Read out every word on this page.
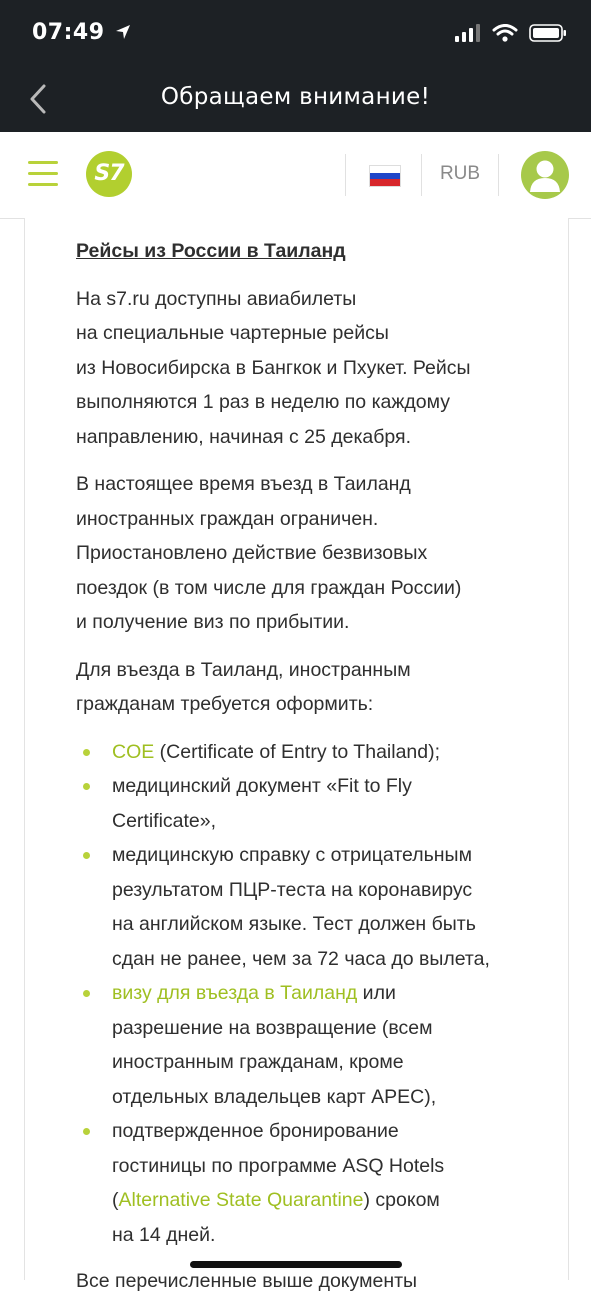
07:49

Обращаем внимание!
S7	RUB
Рейсы из России в Таиланд

На s7.ru доступны авиабилеты
на специальные чартерные рейсы
из Новосибирска в Бангкок и Пхукет. Рейсы
выполняются 1 раз в неделю по каждому
направлению, начиная с 25 декабря.

В настоящее время въезд в Таиланд
иностранных граждан ограничен.
Приостановлено действие безвизовых
поездок (в том числе для граждан России)
и получение виз по прибытии.

Для въезда в Таиланд, иностранным
гражданам требуется оформить:

COE (Certificate of Entry to Thailand);
медицинский документ «Fit to Fly
Certificate»,
медицинскую справку с отрицательным
результатом ПЦР-теста на коронавирус
на английском языке. Тест должен быть
сдан не ранее, чем за 72 часа до вылета,
визу для въезда в Таиланд или
разрешение на возвращение (всем
иностранным гражданам, кроме
отдельных владельцев карт APEC),
подтвержденное бронирование
гостиницы по программе ASQ Hotels
(Alternative State Quarantine) сроком
на 14 дней.
Все перечисленные выше документы
